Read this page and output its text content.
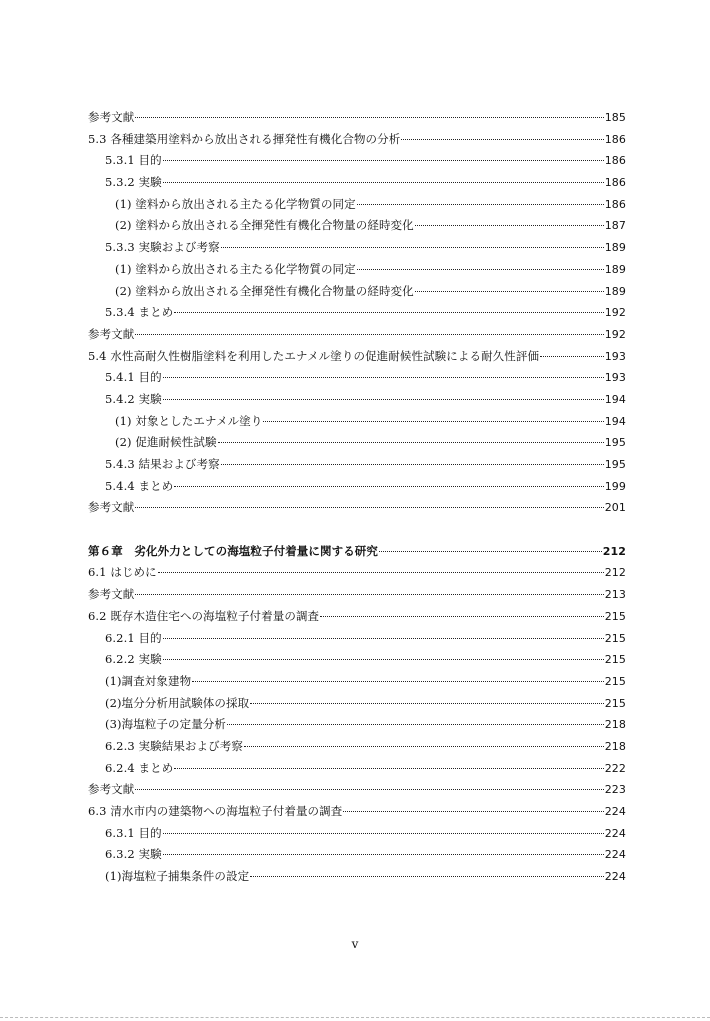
参考文献	185
5.3 各種建築用塗料から放出される揮発性有機化合物の分析	186
5.3.1 目的	186
5.3.2 実験	186
(1) 塗料から放出される主たる化学物質の同定	186
(2) 塗料から放出される全揮発性有機化合物量の経時変化	187
5.3.3 実験および考察	189
(1) 塗料から放出される主たる化学物質の同定	189
(2) 塗料から放出される全揮発性有機化合物量の経時変化	189
5.3.4 まとめ	192
参考文献	192
5.4 水性高耐久性樹脂塗料を利用したエナメル塗りの促進耐候性試験による耐久性評価	193
5.4.1 目的	193
5.4.2 実験	194
(1) 対象としたエナメル塗り	194
(2) 促進耐候性試験	195
5.4.3 結果および考察	195
5.4.4 まとめ	199
参考文献	201
第６章　劣化外力としての海塩粒子付着量に関する研究	212
6.1 はじめに	212
参考文献	213
6.2 既存木造住宅への海塩粒子付着量の調査	215
6.2.1 目的	215
6.2.2 実験	215
(1)調査対象建物	215
(2)塩分分析用試験体の採取	215
(3)海塩粒子の定量分析	218
6.2.3 実験結果および考察	218
6.2.4 まとめ	222
参考文献	223
6.3 清水市内の建築物への海塩粒子付着量の調査	224
6.3.1 目的	224
6.3.2 実験	224
(1)海塩粒子捕集条件の設定	224
v
